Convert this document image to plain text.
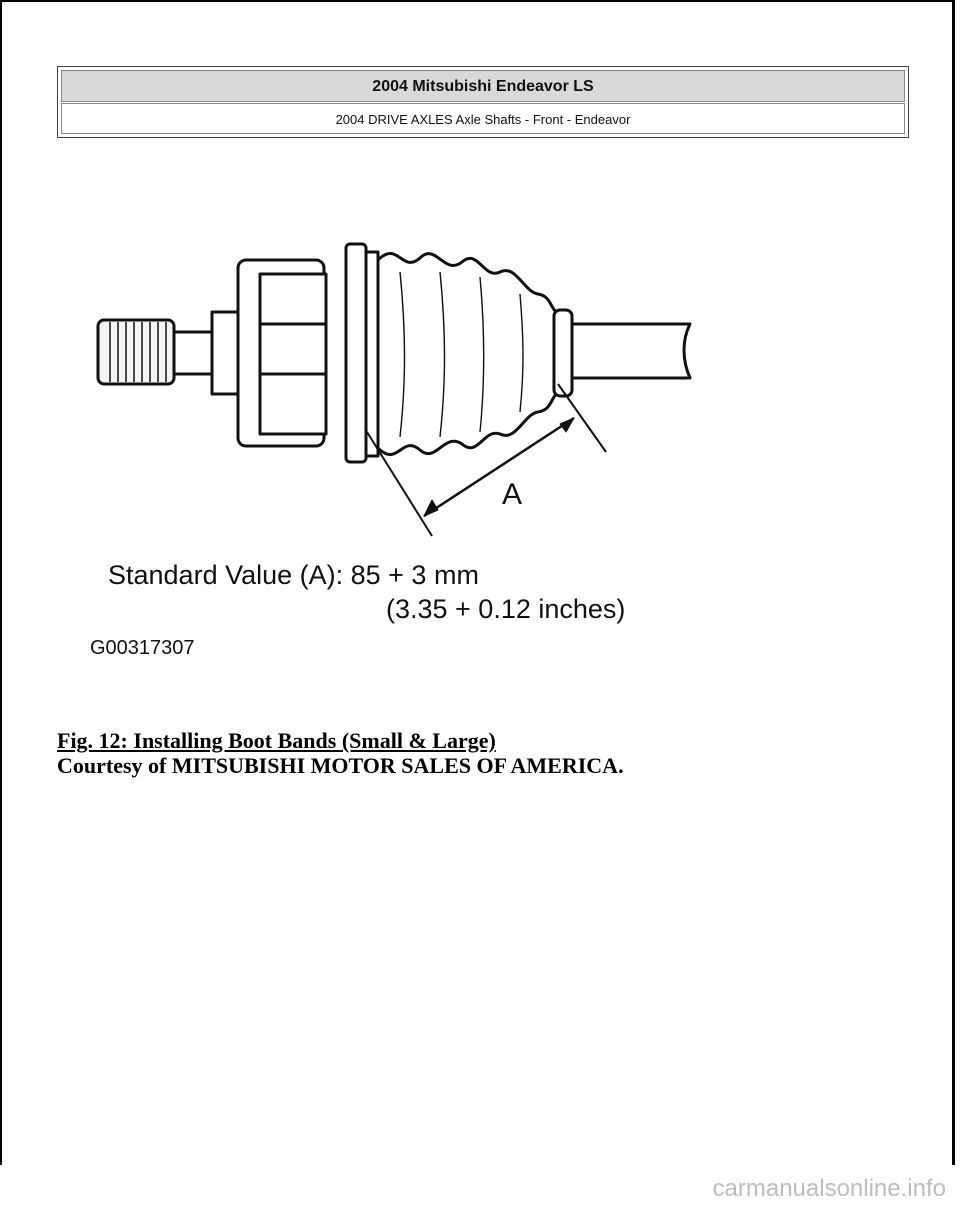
2004 Mitsubishi Endeavor LS
2004 DRIVE AXLES Axle Shafts - Front - Endeavor
A
Standard Value (A): 85 + 3 mm
(3.35 + 0.12 inches)
G00317307
Fig. 12: Installing Boot Bands (Small & Large)
Courtesy of MITSUBISHI MOTOR SALES OF AMERICA.
carmanualsonline.info
